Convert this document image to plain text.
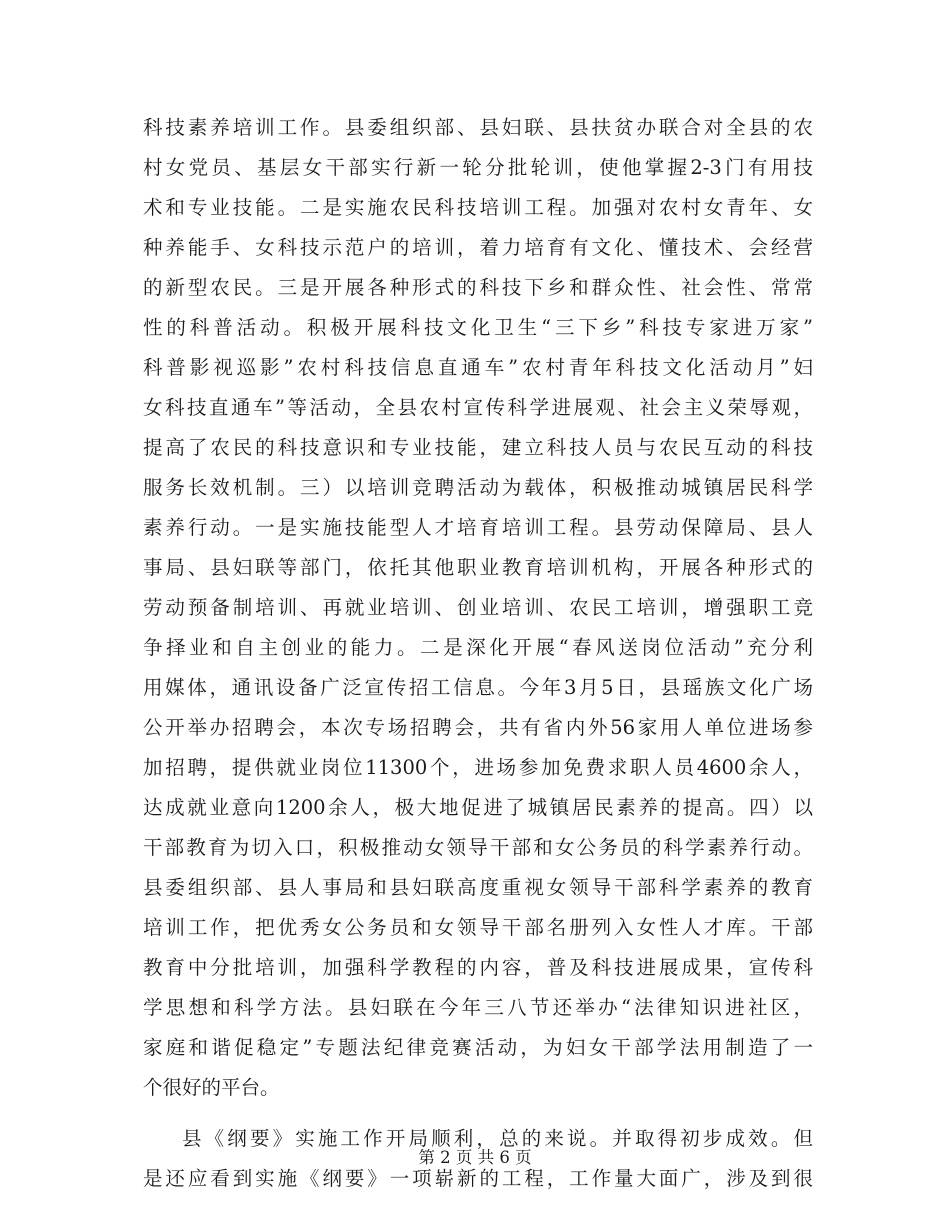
科技素养培训工作。县委组织部、县妇联、县扶贫办联合对全县的农
村女党员、基层女干部实行新一轮分批轮训，使他掌握2-3门有用技
术和专业技能。二是实施农民科技培训工程。加强对农村女青年、女
种养能手、女科技示范户的培训，着力培育有文化、懂技术、会经营
的新型农民。三是开展各种形式的科技下乡和群众性、社会性、常常
性的科普活动。积极开展科技文化卫生“三下乡”科技专家进万家”
科普影视巡影”农村科技信息直通车”农村青年科技文化活动月”妇
女科技直通车”等活动，全县农村宣传科学进展观、社会主义荣辱观，
提高了农民的科技意识和专业技能，建立科技人员与农民互动的科技
服务长效机制。三）以培训竞聘活动为载体，积极推动城镇居民科学
素养行动。一是实施技能型人才培育培训工程。县劳动保障局、县人
事局、县妇联等部门，依托其他职业教育培训机构，开展各种形式的
劳动预备制培训、再就业培训、创业培训、农民工培训，增强职工竞
争择业和自主创业的能力。二是深化开展“春风送岗位活动”充分利
用媒体，通讯设备广泛宣传招工信息。今年3月5日，县瑶族文化广场
公开举办招聘会，本次专场招聘会，共有省内外56家用人单位进场参
加招聘，提供就业岗位11300个，进场参加免费求职人员4600余人，
达成就业意向1200余人，极大地促进了城镇居民素养的提高。四）以
干部教育为切入口，积极推动女领导干部和女公务员的科学素养行动。
县委组织部、县人事局和县妇联高度重视女领导干部科学素养的教育
培训工作，把优秀女公务员和女领导干部名册列入女性人才库。干部
教育中分批培训，加强科学教程的内容，普及科技进展成果，宣传科
学思想和科学方法。县妇联在今年三八节还举办“法律知识进社区，
家庭和谐促稳定”专题法纪律竞赛活动，为妇女干部学法用制造了一
个很好的平台。
县《纲要》实施工作开局顺利，总的来说。并取得初步成效。但
是还应看到实施《纲要》一项崭新的工程，工作量大面广，涉及到很
第 2 页 共 6 页
